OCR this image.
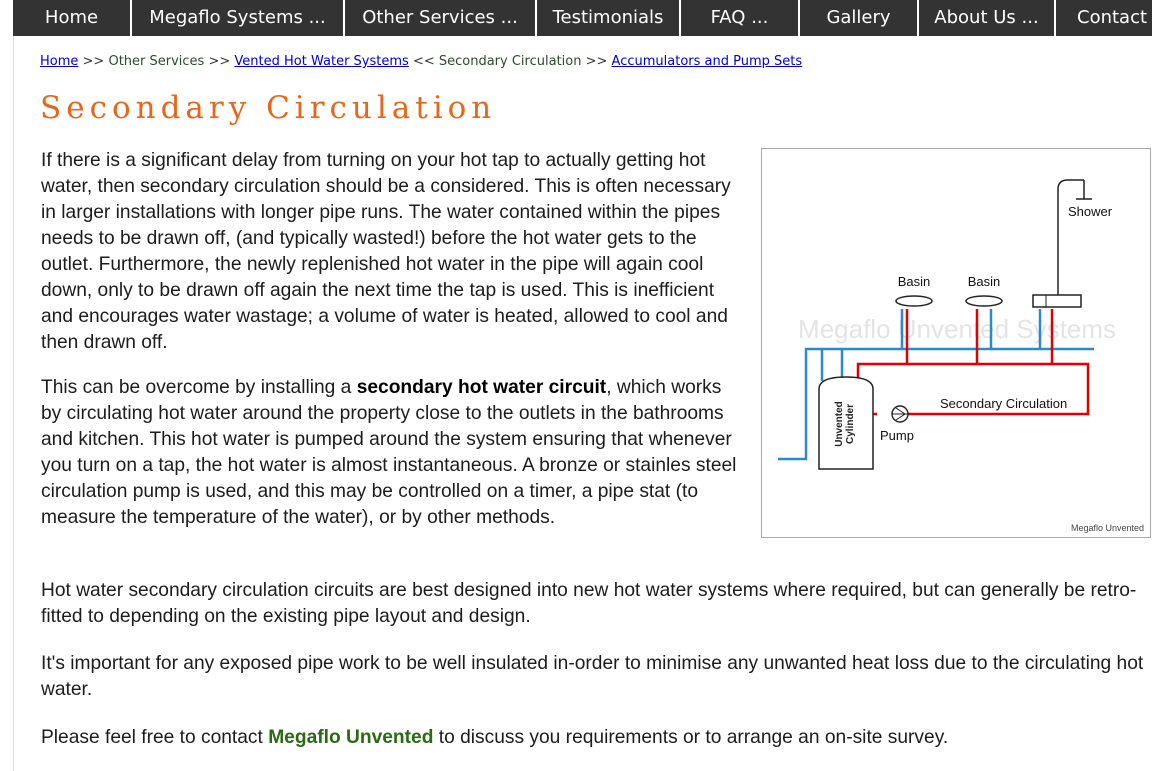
Home	Megaflo Systems ...	Other Services ...	Testimonials	FAQ ...	Gallery	About Us ...	Contact
Home >> Other Services >> Vented Hot Water Systems << Secondary Circulation >> Accumulators and Pump Sets
Secondary Circulation

If there is a significant delay from turning on your hot tap to actually getting hot water, then secondary circulation should be a considered. This is often necessary in larger installations with longer pipe runs. The water contained within the pipes needs to be drawn off, (and typically wasted!) before the hot water gets to the outlet. Furthermore, the newly replenished hot water in the pipe will again cool down, only to be drawn off again the next time the tap is used. This is inefficient and encourages water wastage; a volume of water is heated, allowed to cool and then drawn off.

This can be overcome by installing a secondary hot water circuit, which works by circulating hot water around the property close to the outlets in the bathrooms and kitchen. This hot water is pumped around the system ensuring that whenever you turn on a tap, the hot water is almost instantaneous. A bronze or stainles steel circulation pump is used, and this may be controlled on a timer, a pipe stat (to measure the temperature of the water), or by other methods.

Hot water secondary circulation circuits are best designed into new hot water systems where required, but can generally be retro-fitted to depending on the existing pipe layout and design.

It's important for any exposed pipe work to be well insulated in-order to minimise any unwanted heat loss due to the circulating hot water.

Please feel free to contact Megaflo Unvented to discuss you requirements or to arrange an on-site survey.

Megaflo Unvented Systems
Unvented Cylinder Pump
Secondary Circulation
Basin	Basin
Shower
Megaflo Unvented
